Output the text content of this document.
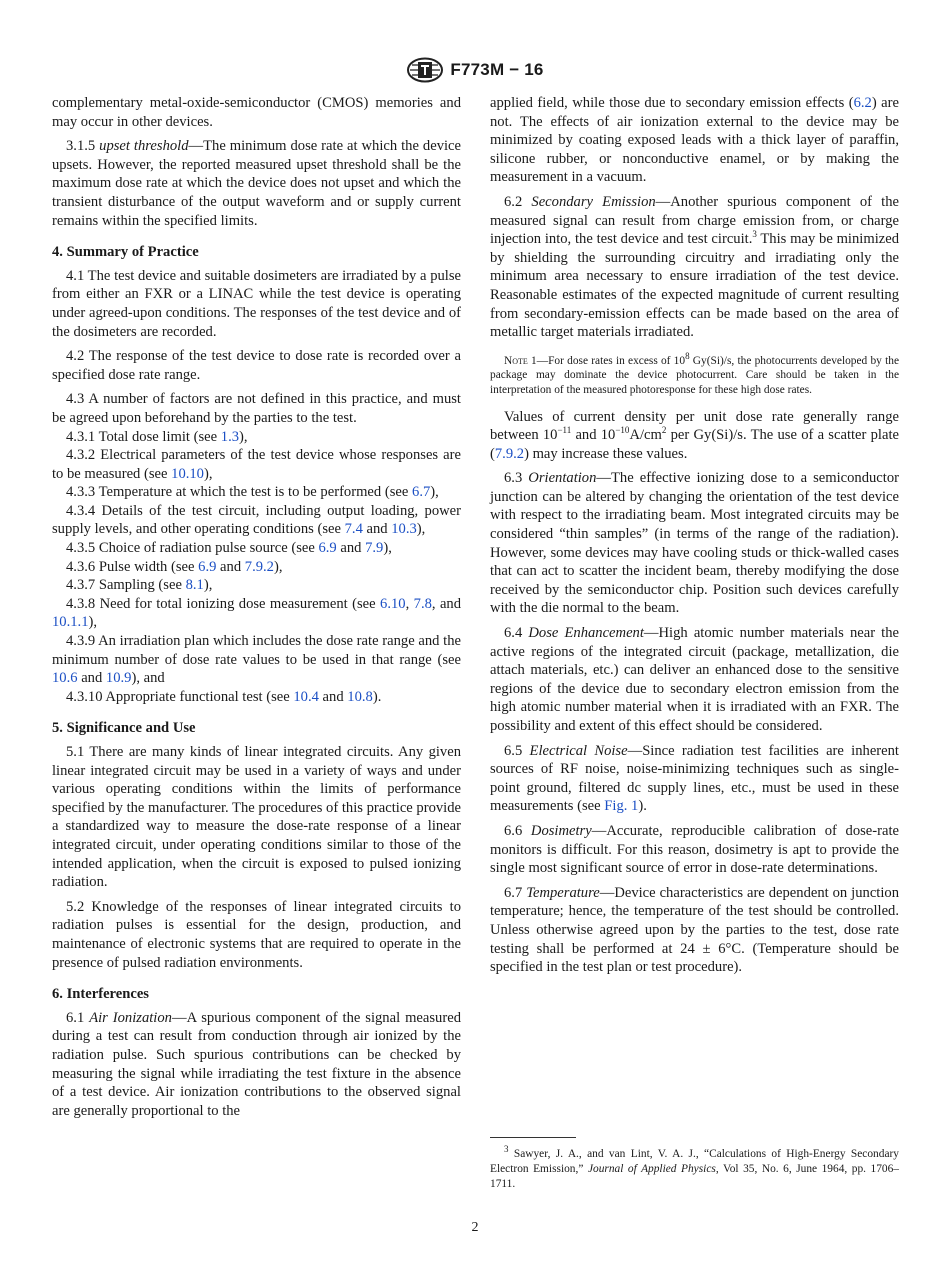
F773M − 16

complementary metal-oxide-semiconductor (CMOS) memories and may occur in other devices.

3.1.5 upset threshold—The minimum dose rate at which the device upsets. However, the reported measured upset threshold shall be the maximum dose rate at which the device does not upset and which the transient disturbance of the output waveform and or supply current remains within the specified limits.

4. Summary of Practice

4.1 The test device and suitable dosimeters are irradiated by a pulse from either an FXR or a LINAC while the test device is operating under agreed-upon conditions. The responses of the test device and of the dosimeters are recorded.

4.2 The response of the test device to dose rate is recorded over a specified dose rate range.

4.3 A number of factors are not defined in this practice, and must be agreed upon beforehand by the parties to the test.

4.3.1 Total dose limit (see 1.3),

4.3.2 Electrical parameters of the test device whose responses are to be measured (see 10.10),

4.3.3 Temperature at which the test is to be performed (see 6.7),

4.3.4 Details of the test circuit, including output loading, power supply levels, and other operating conditions (see 7.4 and 10.3),

4.3.5 Choice of radiation pulse source (see 6.9 and 7.9),

4.3.6 Pulse width (see 6.9 and 7.9.2),

4.3.7 Sampling (see 8.1),

4.3.8 Need for total ionizing dose measurement (see 6.10, 7.8, and 10.1.1),

4.3.9 An irradiation plan which includes the dose rate range and the minimum number of dose rate values to be used in that range (see 10.6 and 10.9), and

4.3.10 Appropriate functional test (see 10.4 and 10.8).

5. Significance and Use

5.1 There are many kinds of linear integrated circuits. Any given linear integrated circuit may be used in a variety of ways and under various operating conditions within the limits of performance specified by the manufacturer. The procedures of this practice provide a standardized way to measure the dose-rate response of a linear integrated circuit, under operating conditions similar to those of the intended application, when the circuit is exposed to pulsed ionizing radiation.

5.2 Knowledge of the responses of linear integrated circuits to radiation pulses is essential for the design, production, and maintenance of electronic systems that are required to operate in the presence of pulsed radiation environments.

6. Interferences

6.1 Air Ionization—A spurious component of the signal measured during a test can result from conduction through air ionized by the radiation pulse. Such spurious contributions can be checked by measuring the signal while irradiating the test fixture in the absence of a test device. Air ionization contributions to the observed signal are generally proportional to the

applied field, while those due to secondary emission effects (6.2) are not. The effects of air ionization external to the device may be minimized by coating exposed leads with a thick layer of paraffin, silicone rubber, or nonconductive enamel, or by making the measurement in a vacuum.

6.2 Secondary Emission—Another spurious component of the measured signal can result from charge emission from, or charge injection into, the test device and test circuit.$^3$ This may be minimized by shielding the surrounding circuitry and irradiating only the minimum area necessary to ensure irradiation of the test device. Reasonable estimates of the expected magnitude of current resulting from secondary-emission effects can be made based on the area of metallic target materials irradiated.

Note 1—For dose rates in excess of $10^8$ Gy(Si)/s, the photocurrents developed by the package may dominate the device photocurrent. Care should be taken in the interpretation of the measured photoresponse for these high dose rates.

Values of current density per unit dose rate generally range between $10^{-11}$ and $10^{-10}A/cm^2$ per Gy(Si)/s. The use of a scatter plate (7.9.2) may increase these values.

6.3 Orientation—The effective ionizing dose to a semiconductor junction can be altered by changing the orientation of the test device with respect to the irradiating beam. Most integrated circuits may be considered “thin samples” (in terms of the range of the radiation). However, some devices may have cooling studs or thick-walled cases that can act to scatter the incident beam, thereby modifying the dose received by the semiconductor chip. Position such devices carefully with the die normal to the beam.

6.4 Dose Enhancement—High atomic number materials near the active regions of the integrated circuit (package, metallization, die attach materials, etc.) can deliver an enhanced dose to the sensitive regions of the device due to secondary electron emission from the high atomic number material when it is irradiated with an FXR. The possibility and extent of this effect should be considered.

6.5 Electrical Noise—Since radiation test facilities are inherent sources of RF noise, noise-minimizing techniques such as single-point ground, filtered dc supply lines, etc., must be used in these measurements (see Fig. 1).

6.6 Dosimetry—Accurate, reproducible calibration of dose-rate monitors is difficult. For this reason, dosimetry is apt to provide the single most significant source of error in dose-rate determinations.

6.7 Temperature—Device characteristics are dependent on junction temperature; hence, the temperature of the test should be controlled. Unless otherwise agreed upon by the parties to the test, dose rate testing shall be performed at 24 ± 6°C. (Temperature should be specified in the test plan or test procedure).

$^3$ Sawyer, J. A., and van Lint, V. A. J., “Calculations of High-Energy Secondary Electron Emission,” Journal of Applied Physics, Vol 35, No. 6, June 1964, pp. 1706–1711.

2
